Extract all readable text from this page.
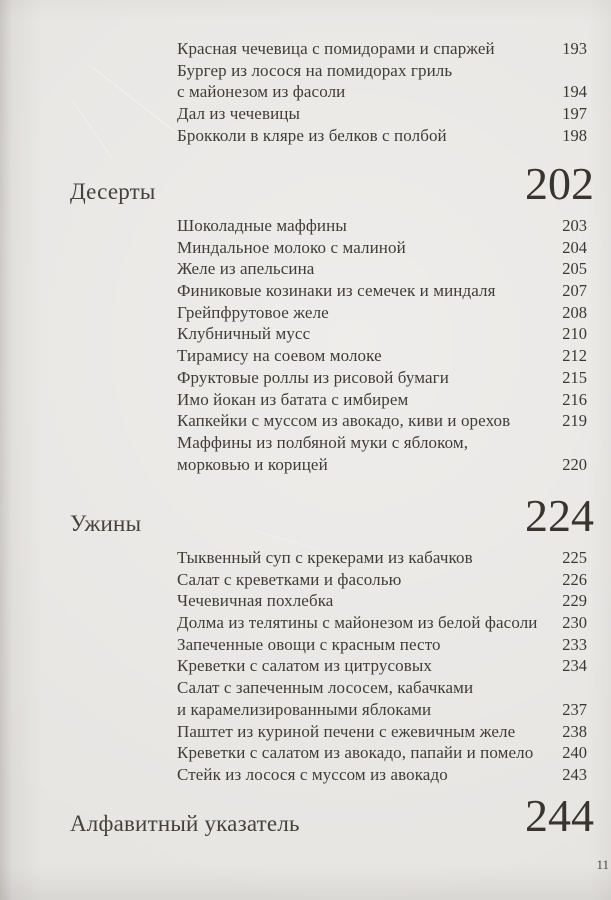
Красная чечевица с помидорами и спаржей	193
Бургер из лосося на помидорах гриль
с майонезом из фасоли	194
Дал из чечевицы	197
Брокколи в кляре из белков с полбой	198
Десерты	202
Шоколадные маффины	203
Миндальное молоко с малиной	204
Желе из апельсина	205
Финиковые козинаки из семечек и миндаля	207
Грейпфрутовое желе	208
Клубничный мусс	210
Тирамису на соевом молоке	212
Фруктовые роллы из рисовой бумаги	215
Имо йокан из батата с имбирем	216
Капкейки с муссом из авокадо, киви и орехов	219
Маффины из полбяной муки с яблоком,
морковью и корицей	220
Ужины	224
Тыквенный суп с крекерами из кабачков	225
Салат с креветками и фасолью	226
Чечевичная похлебка	229
Долма из телятины с майонезом из белой фасоли 230
Запеченные овощи с красным песто	233
Креветки с салатом из цитрусовых	234
Салат с запеченным лососем, кабачками
и карамелизированными яблоками	237
Паштет из куриной печени с ежевичным желе	238
Креветки с салатом из авокадо, папайи и помело 240
Стейк из лосося с муссом из авокадо	243
Алфавитный указатель	244
11
